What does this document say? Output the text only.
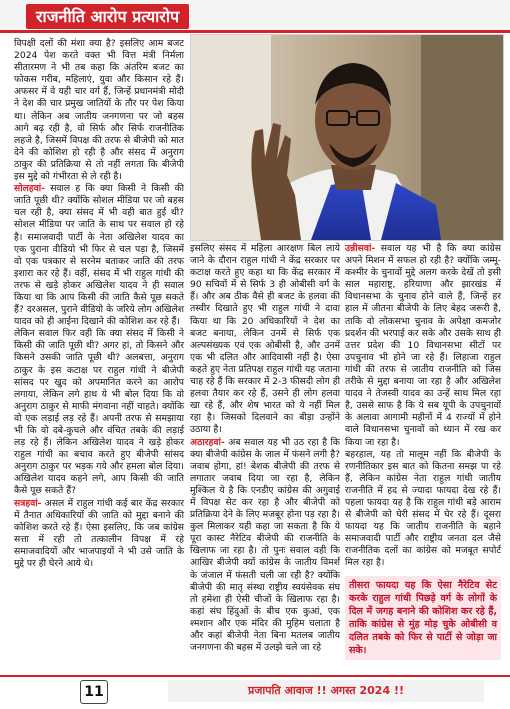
राजनीति आरोप प्रत्यारोप

विपक्षी दलों की मंशा क्या है? इसलिए आम बजट 2024 पेश करते वक्त भी वित्त मंत्री निर्मला सीतारमण ने भी तब कहा कि अंतरिम बजट का फोकस गरीब, महिलाएं, युवा और किसान रहे हैं। अफसर में वे यही चार वर्ग हैं, जिन्हें प्रधानमंत्री मोदी ने देश की चार प्रमुख जातियों के तौर पर पेश किया था। लेकिन अब जातीय जनगणना पर जो बहस आगे बढ़ रही है, वो सिर्फ और सिर्फ राजनीतिक लहजे है, जिसमें विपक्ष की तरफ से बीजेपी को मात देने की कोशिश हो रही है और संसद में अनुराग ठाकुर की प्रतिक्रिया से तो नहीं लगता कि बीजेपी इस मुद्दे को गंभीरता से ले रही है।

सोलहवां- सवाल ह कि क्या किसी ने किसी की जाति पूछी थी? क्योंकि सोशल मीडिया पर जो बहस चल रही है, क्या संसद में भी वही बात हुई थी? सोशल मीडिया पर जाति के साथ पर सवाल हो रहे है। समाजवादी पार्टी के नेता अखिलेश यादव का एक पुराना वीडियो भी फिर से चल पड़ा है, जिसमें वो एक पत्रकार से सरनेम बताकर जाति की तरफ इशारा कर रहे हैं। वहीं, संसद में भी राहुल गांधी की तरफ से खड़े होकर अखिलेश यादव ने ही सवाल किया था कि आप किसी की जाति कैसे पूछ सकते हैं? दरअसल, पुराने वीडियो के जरिये लोग अखिलेश यादव को ही आईना दिखाने की कोशिश कर रहे हैं।

लेकिन सवाल फिर वही कि क्या संसद में किसी ने किसी की जाति पूछी थी? अगर हां, तो किसने और किसने उसकी जाति पूछी थी? अलबत्ता, अनुराग ठाकुर के इस कटाक्ष पर राहुल गांधी ने बीजेपी सांसद पर खुद को अपमानित करने का आरोप लगाया, लेकिन लगे हाथ ये भी बोल दिया कि वो अनुराग ठाकुर से माफी मंगवाना नहीं चाहते। क्योंकि वो एक लड़ाई लड़ रहे हैं। अपनी तरफ से समझाया भी कि वो दबे-कुचले और वंचित तबके की लड़ाई लड़ रहे हैं। लेकिन अखिलेश यादव ने खड़े होकर राहुल गांधी का बचाव करते हुए बीजेपी सांसद अनुराग ठाकुर पर भड़क गये और हमला बोल दिया। अखिलेश यादव कहने लगे, आप किसी की जाति कैसे पूछ सकते हैं?

सत्रहवां- असल में राहुल गांधी कई बार केंद्र सरकार में तैनात अधिकारियों की जाति को मुद्दा बनाने की कोशिश करते रहे हैं। ऐसा इसलिए, कि जब कांग्रेस सत्ता में रही तो तत्कालीन विपक्ष में रहे समाजवादियों और भाजपाइयों ने भी उसे जाति के मुद्दे पर ही घेरने आये थे।

इसलिए संसद में महिला आरक्षण बिल लाये जाने के दौरान राहुल गांधी ने केंद्र सरकार पर कटाक्ष करते हुए कहा था कि केंद्र सरकार में 90 सचिवों में से सिर्फ 3 ही ओबीसी वर्ग के हैं। और अब ठीक वैसे ही बजट के हलवा की तस्वीर दिखाते हुए भी राहुल गांधी ने दावा किया था कि 20 अधिकारियों ने देश का बजट बनाया, लेकिन उनमें से सिर्फ एक अल्पसंख्यक एवं एक ओबीसी है, और उनमें एक भी दलित और आदिवासी नहीं है। ऐसा कहते हुए नेता प्रतिपक्ष राहुल गांधी यह जताना चाह रहे हैं कि सरकार में 2-3 फीसदी लोग ही हलवा तैयार कर रहे हैं, उसने ही लोग हलवा खा रहे हैं, और शेष भारत को ये नहीं मिल रहा है। जिसको दिलवाने का बीड़ा उन्होंने उठाया है।

अठारहवां- अब सवाल यह भी उठ रहा है कि क्या बीजेपी कांग्रेस के जाल में फंसने लगी है? जवाब होगा, हां! बेशक बीजेपी की तरफ से लगातार जवाब दिया जा रहा है, लेकिन मुश्किल ये है कि एनडीए कांग्रेस की अगुवाई में विपक्ष सेट कर रहा है और बीजेपी को प्रतिक्रिया देने के लिए मजबूर होना पड़ रहा है। कुल मिलाकर यही कहा जा सकता है कि ये पूरा कास्ट नैरेटिव बीजेपी की राजनीति के खिलाफ जा रहा है। तो पुनः सवाल वही कि आखिर बीजेपी क्यों कांग्रेस के जातीय विमर्श के जंजाल में फंसती चली जा रही है? क्योंकि बीजेपी की मातृ संस्था राष्ट्रीय स्वयंसेवक संघ तो हमेशा ही ऐसी चीजों के खिलाफ रहा है। कहां संघ हिंदुओं के बीच एक कुआं, एक श्मशान और एक मंदिर की मुहिम चलाता है और कहां बीजेपी नेता बिना मतलब जातीय जनगणना की बहस में उलझे चले जा रहे

उन्नीसवां- सवाल यह भी है कि क्या कांग्रेस अपने मिशन में सफल हो रही है? क्योंकि जम्मू-कश्मीर के चुनावों मुद्दे अलग करके देखें तो इसी साल महाराष्ट्र, हरियाणा और झारखंड में विधानसभा के चुनाव होने वाले हैं, जिन्हें हर हाल में जीतना बीजेपी के लिए बेहद जरूरी है, ताकि वो लोकसभा चुनाव के अपेक्षा कमजोर प्रदर्शन की भरपाई कर सके और उसके साथ ही उत्तर प्रदेश की 10 विधानसभा सीटों पर उपचुनाव भी होने जा रहे हैं। लिहाजा राहुल गांधी की तरफ से जातीय राजनीति को जिस तरीके से मुद्दा बनाया जा रहा है और अखिलेश यादव ने तेजस्वी यादव का उन्हें साथ मिल रहा है, उससे साफ है कि ये सब यूपी के उपचुनावों के अलावा आगामी महीनों में 4 राज्यों में होने वाले विधानसभा चुनावों को ध्यान में रख कर किया जा रहा है।

बहरहाल, यह तो मालूम नहीं कि बीजेपी के रणनीतिकार इस बात को कितना समझ पा रहे हैं, लेकिन कांग्रेस नेता राहुल गांधी जातीय राजनीति में हद से ज्यादा फायदा देख रहे हैं। पहला फायदा यह है कि राहुल गांधी बड़े आराम से बीजेपी को घेरी संसद में घेर रहे हैं। दूसरा फायदा यह कि जातीय राजनीति के बहाने समाजवादी पार्टी और राष्ट्रीय जनता दल जैसे राजनीतिक दलों का कांग्रेस को मजबूत सपोर्ट मिल रहा है।

तीसरा फायदा यह कि ऐसा नैरेटिव सेट करके राहुल गांधी पिछड़े वर्ग के लोगों के दिल में जगह बनाने की कोशिश कर रहे हैं, ताकि कांग्रेस से मुंह मोड़ चुके ओबीसी व दलित तबके को फिर से पार्टी से जोड़ा जा सके।
11	प्रजापति आवाज !! अगस्त 2024 !!
